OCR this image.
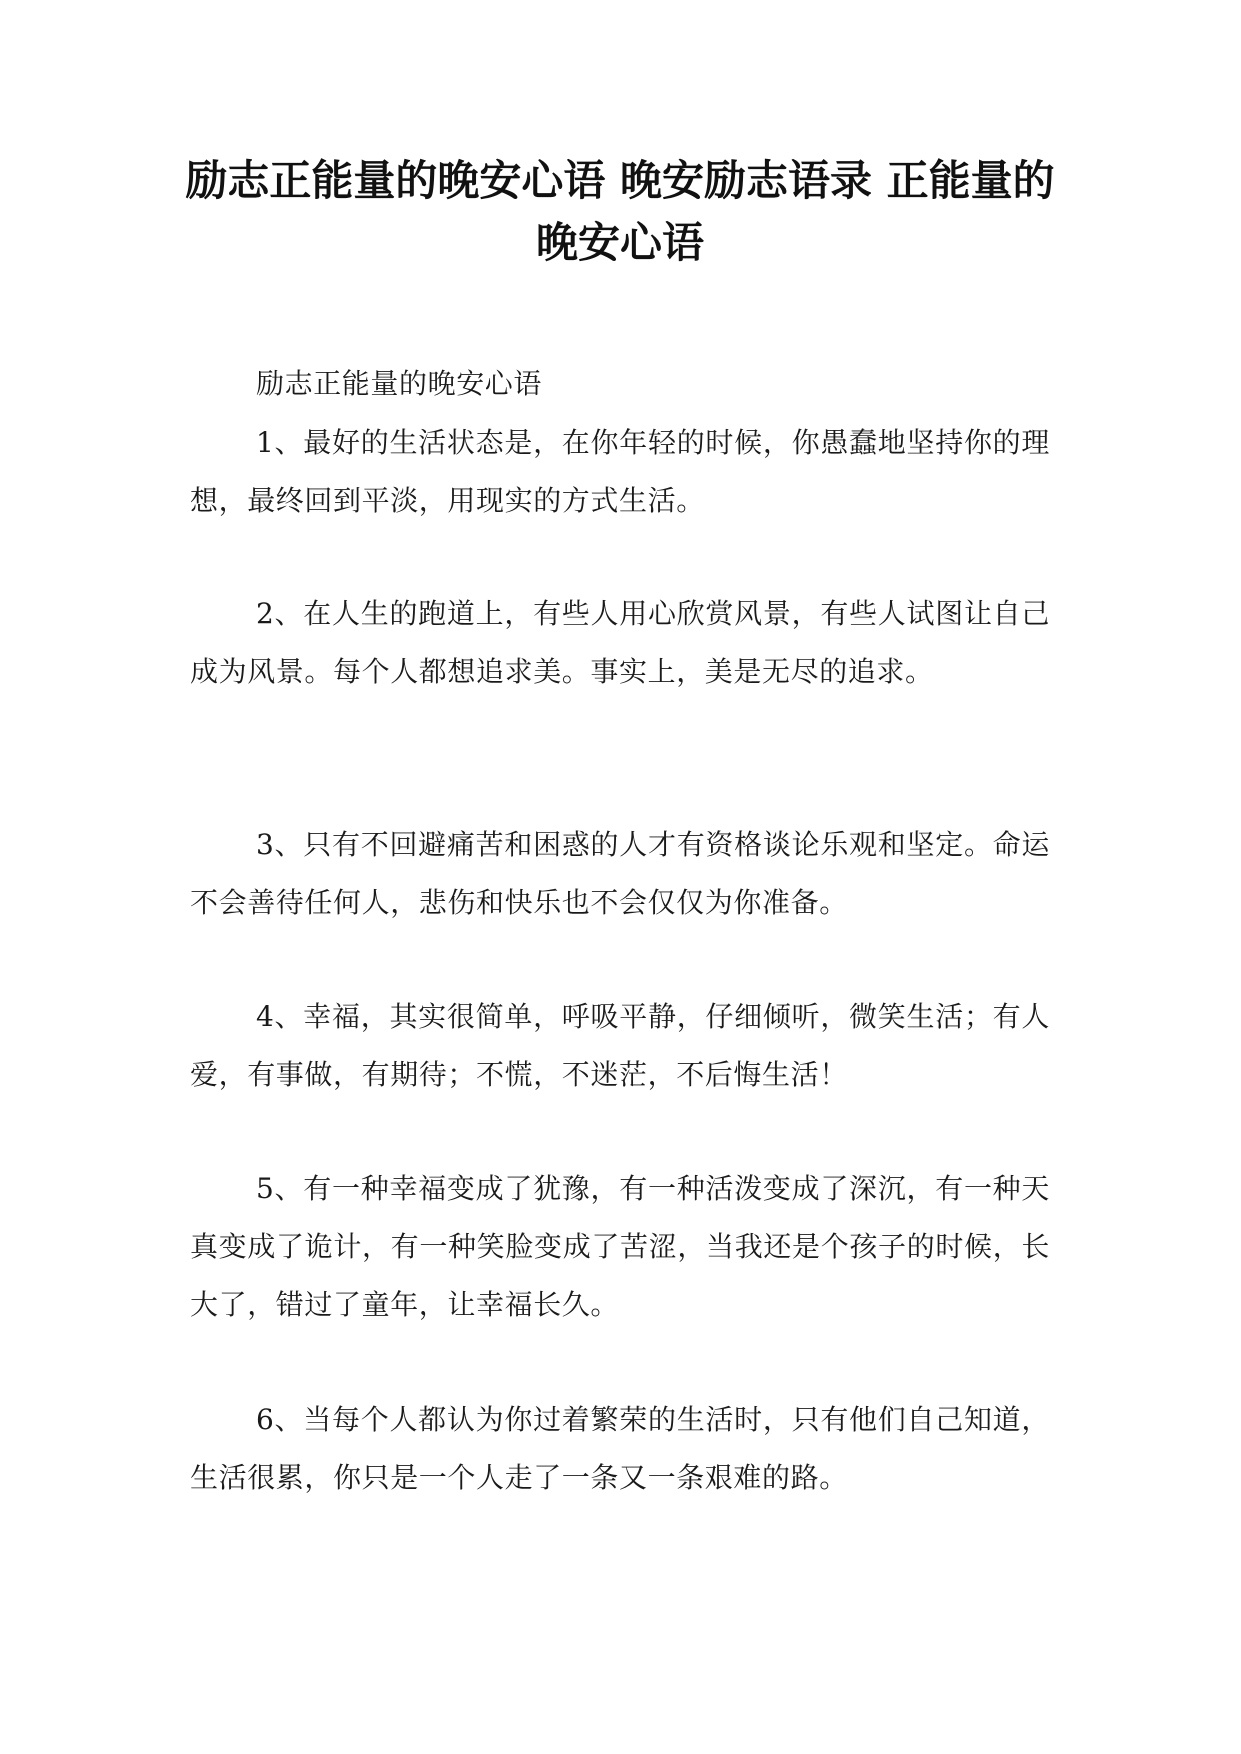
励志正能量的晚安心语 晚安励志语录 正能量的晚安心语

励志正能量的晚安心语

1、最好的生活状态是，在你年轻的时候，你愚蠢地坚持你的理想，最终回到平淡，用现实的方式生活。

2、在人生的跑道上，有些人用心欣赏风景，有些人试图让自己成为风景。每个人都想追求美。事实上，美是无尽的追求。

3、只有不回避痛苦和困惑的人才有资格谈论乐观和坚定。命运不会善待任何人，悲伤和快乐也不会仅仅为你准备。

4、幸福，其实很简单，呼吸平静，仔细倾听，微笑生活；有人爱，有事做，有期待；不慌，不迷茫，不后悔生活！

5、有一种幸福变成了犹豫，有一种活泼变成了深沉，有一种天真变成了诡计，有一种笑脸变成了苦涩，当我还是个孩子的时候，长大了，错过了童年，让幸福长久。

6、当每个人都认为你过着繁荣的生活时，只有他们自己知道，生活很累，你只是一个人走了一条又一条艰难的路。
